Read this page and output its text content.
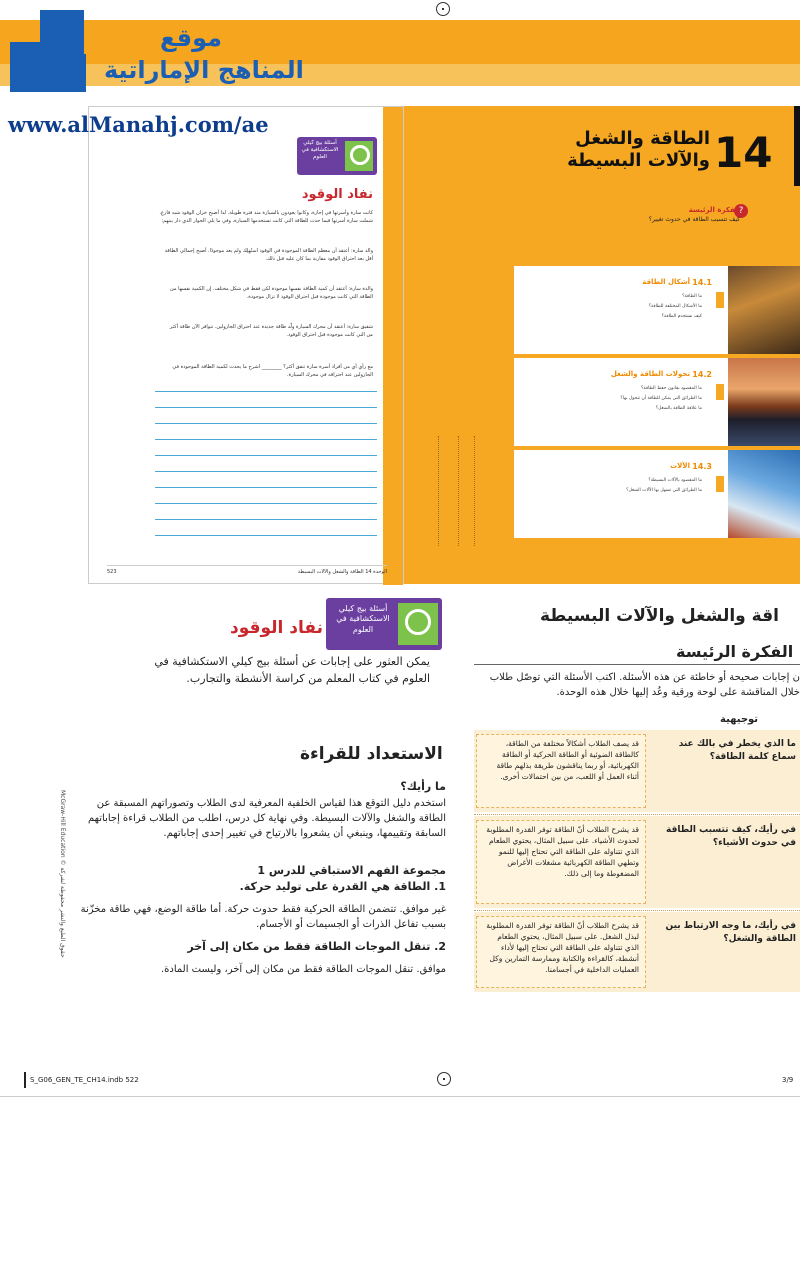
موقع
المناهج الإماراتية
www.alManahj.com/ae
أسئلة بيج كيلي الاستكشافية في العلوم
نفاد الوقود
كانت سارة وأسرتها في إجازة، وكانوا يعودون بالسيارة منذ فترة طويلة. لذا أصبح خزان الوقود شبه فارغ. شملت سارة أسرتها فيما حدث للطاقة التي كانت تستخدمها السيارة، وفي ما يلي الحوار الذي دار بينهم:
والد سارة: أعتقد أن معظم الطاقة الموجودة في الوقود استُهلِك ولم يعد موجودًا. أصبح إجمالي الطاقة أقل بعد احتراق الوقود مقارنة بما كان عليه قبل ذلك.
والدة سارة: أعتقد أن كمية الطاقة نفسها موجودة لكن فقط في شكل مختلف. إن الكمية نفسها من الطاقة التي كانت موجودة قبل احتراق الوقود لا تزال موجودة.
شقيق سارة: أعتقد أن محرك السيارة ولّد طاقة جديدة عند احتراق الجازولين. تتوافر الآن طاقة أكثر من التي كانت موجودة قبل احتراق الوقود.
مع رأي أي من أفراد أسرة سارة تتفق أكثر؟ ________ اشرح ما يحدث لكمية الطاقة الموجودة في الجازولين عند احتراقه في محرك السيارة.
523	الوحدة 14 الطاقة والشغل والآلات البسيطة
14
الطاقة والشغل
والآلات البسيطة
?
الفكرة الرئيسة
كيف تتسبب الطاقة في حدوث تغيير؟
14.1
أشكال الطاقة
ما الطاقة؟
ما الأشكال المختلفة للطاقة؟
كيف نستخدم الطاقة؟
14.2
تحولات الطاقة والشغل
ما المقصود بقانون حفظ الطاقة؟
ما الطرائق التي يمكن للطاقة أن تتحول بها؟
ما علاقة الطاقة بالشغل؟
14.3
الآلات
ما المقصود بالآلات البسيطة؟
ما الطرائق التي تسهل بها الآلات الشغل؟
أسئلة بيج كيلي الاستكشافية في العلوم
نفاد الوقود
يمكن العثور على إجابات عن أسئلة بيج كيلي الاستكشافية في العلوم في كتاب المعلم من كراسة الأنشطة والتجارب.
الاستعداد للقراءة
ما رأيك؟
استخدم دليل التوقع هذا لقياس الخلفية المعرفية لدى الطلاب وتصوراتهم المسبقة عن الطاقة والشغل والآلات البسيطة. وفي نهاية كل درس، اطلب من الطلاب قراءة إجاباتهم السابقة وتقييمها، وينبغي أن يشعروا بالارتياح في تغيير إحدى إجاباتهم.
مجموعة الفهم الاستباقي للدرس 1
1. الطاقة هي القدرة على توليد حركة.
غير موافق. تتضمن الطاقة الحركية فقط حدوث حركة. أما طاقة الوضع، فهي طاقة مخزّنة بسبب تفاعل الذرات أو الجسيمات أو الأجسام.
2. تنقل الموجات الطاقة فقط من مكان إلى آخر
موافق. تنقل الموجات الطاقة فقط من مكان إلى آخر، وليست المادة.
McGraw-Hill Education © حقوق الطبع والنشر محفوظة لشركة
اقة والشغل والآلات البسيطة
الفكرة الرئيسة
ن إجابات صحيحة أو خاطئة عن هذه الأسئلة. اكتب الأسئلة التي توصّل طلاب خلال المناقشة على لوحة ورقية وعُد إليها خلال هذه الوحدة.
توجيهية
قد يصف الطلاب أشكالاً مختلفة من الطاقة، كالطاقة الضوئية أو الطاقة الحركية أو الطاقة الكهربائية، أو ربما يناقشون طريقة بذلهم طاقة أثناء العمل أو اللعب، من بين احتمالات أخرى.
ما الذي يخطر في بالك عند سماع كلمة الطاقة؟
قد يشرح الطلاب أنّ الطاقة توفر القدرة المطلوبة لحدوث الأشياء. على سبيل المثال، يحتوي الطعام الذي تتناوله على الطاقة التي تحتاج إليها للنمو وتطهي الطاقة الكهربائية مشغلات الأغراض المضغوطة وما إلى ذلك.
في رأيك، كيف تتسبب الطاقة في حدوث الأشياء؟
قد يشرح الطلاب أنّ الطاقة توفر القدرة المطلوبة لبذل الشغل. على سبيل المثال، يحتوي الطعام الذي تتناوله على الطاقة التي تحتاج إليها لأداء أنشطة، كالقراءة والكتابة وممارسة التمارين وكل العمليات الداخلية في أجسامنا.
في رأيك، ما وجه الارتباط بين الطاقة والشغل؟
S_G06_GEN_TE_CH14.indb 522	3/9
